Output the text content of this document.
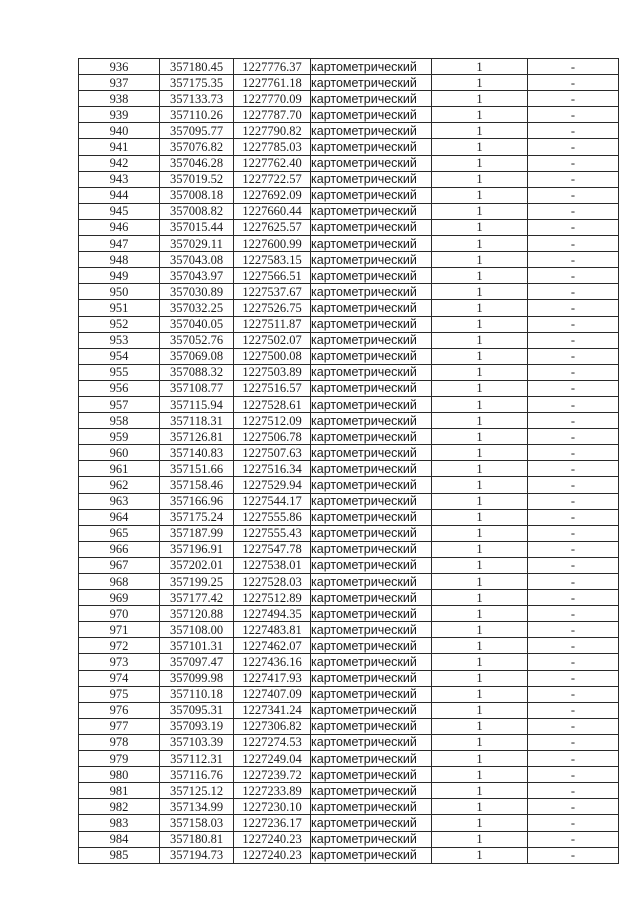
936	357180.45	1227776.37	картометрический	1	-
937	357175.35	1227761.18	картометрический	1	-
938	357133.73	1227770.09	картометрический	1	-
939	357110.26	1227787.70	картометрический	1	-
940	357095.77	1227790.82	картометрический	1	-
941	357076.82	1227785.03	картометрический	1	-
942	357046.28	1227762.40	картометрический	1	-
943	357019.52	1227722.57	картометрический	1	-
944	357008.18	1227692.09	картометрический	1	-
945	357008.82	1227660.44	картометрический	1	-
946	357015.44	1227625.57	картометрический	1	-
947	357029.11	1227600.99	картометрический	1	-
948	357043.08	1227583.15	картометрический	1	-
949	357043.97	1227566.51	картометрический	1	-
950	357030.89	1227537.67	картометрический	1	-
951	357032.25	1227526.75	картометрический	1	-
952	357040.05	1227511.87	картометрический	1	-
953	357052.76	1227502.07	картометрический	1	-
954	357069.08	1227500.08	картометрический	1	-
955	357088.32	1227503.89	картометрический	1	-
956	357108.77	1227516.57	картометрический	1	-
957	357115.94	1227528.61	картометрический	1	-
958	357118.31	1227512.09	картометрический	1	-
959	357126.81	1227506.78	картометрический	1	-
960	357140.83	1227507.63	картометрический	1	-
961	357151.66	1227516.34	картометрический	1	-
962	357158.46	1227529.94	картометрический	1	-
963	357166.96	1227544.17	картометрический	1	-
964	357175.24	1227555.86	картометрический	1	-
965	357187.99	1227555.43	картометрический	1	-
966	357196.91	1227547.78	картометрический	1	-
967	357202.01	1227538.01	картометрический	1	-
968	357199.25	1227528.03	картометрический	1	-
969	357177.42	1227512.89	картометрический	1	-
970	357120.88	1227494.35	картометрический	1	-
971	357108.00	1227483.81	картометрический	1	-
972	357101.31	1227462.07	картометрический	1	-
973	357097.47	1227436.16	картометрический	1	-
974	357099.98	1227417.93	картометрический	1	-
975	357110.18	1227407.09	картометрический	1	-
976	357095.31	1227341.24	картометрический	1	-
977	357093.19	1227306.82	картометрический	1	-
978	357103.39	1227274.53	картометрический	1	-
979	357112.31	1227249.04	картометрический	1	-
980	357116.76	1227239.72	картометрический	1	-
981	357125.12	1227233.89	картометрический	1	-
982	357134.99	1227230.10	картометрический	1	-
983	357158.03	1227236.17	картометрический	1	-
984	357180.81	1227240.23	картометрический	1	-
985	357194.73	1227240.23	картометрический	1	-
